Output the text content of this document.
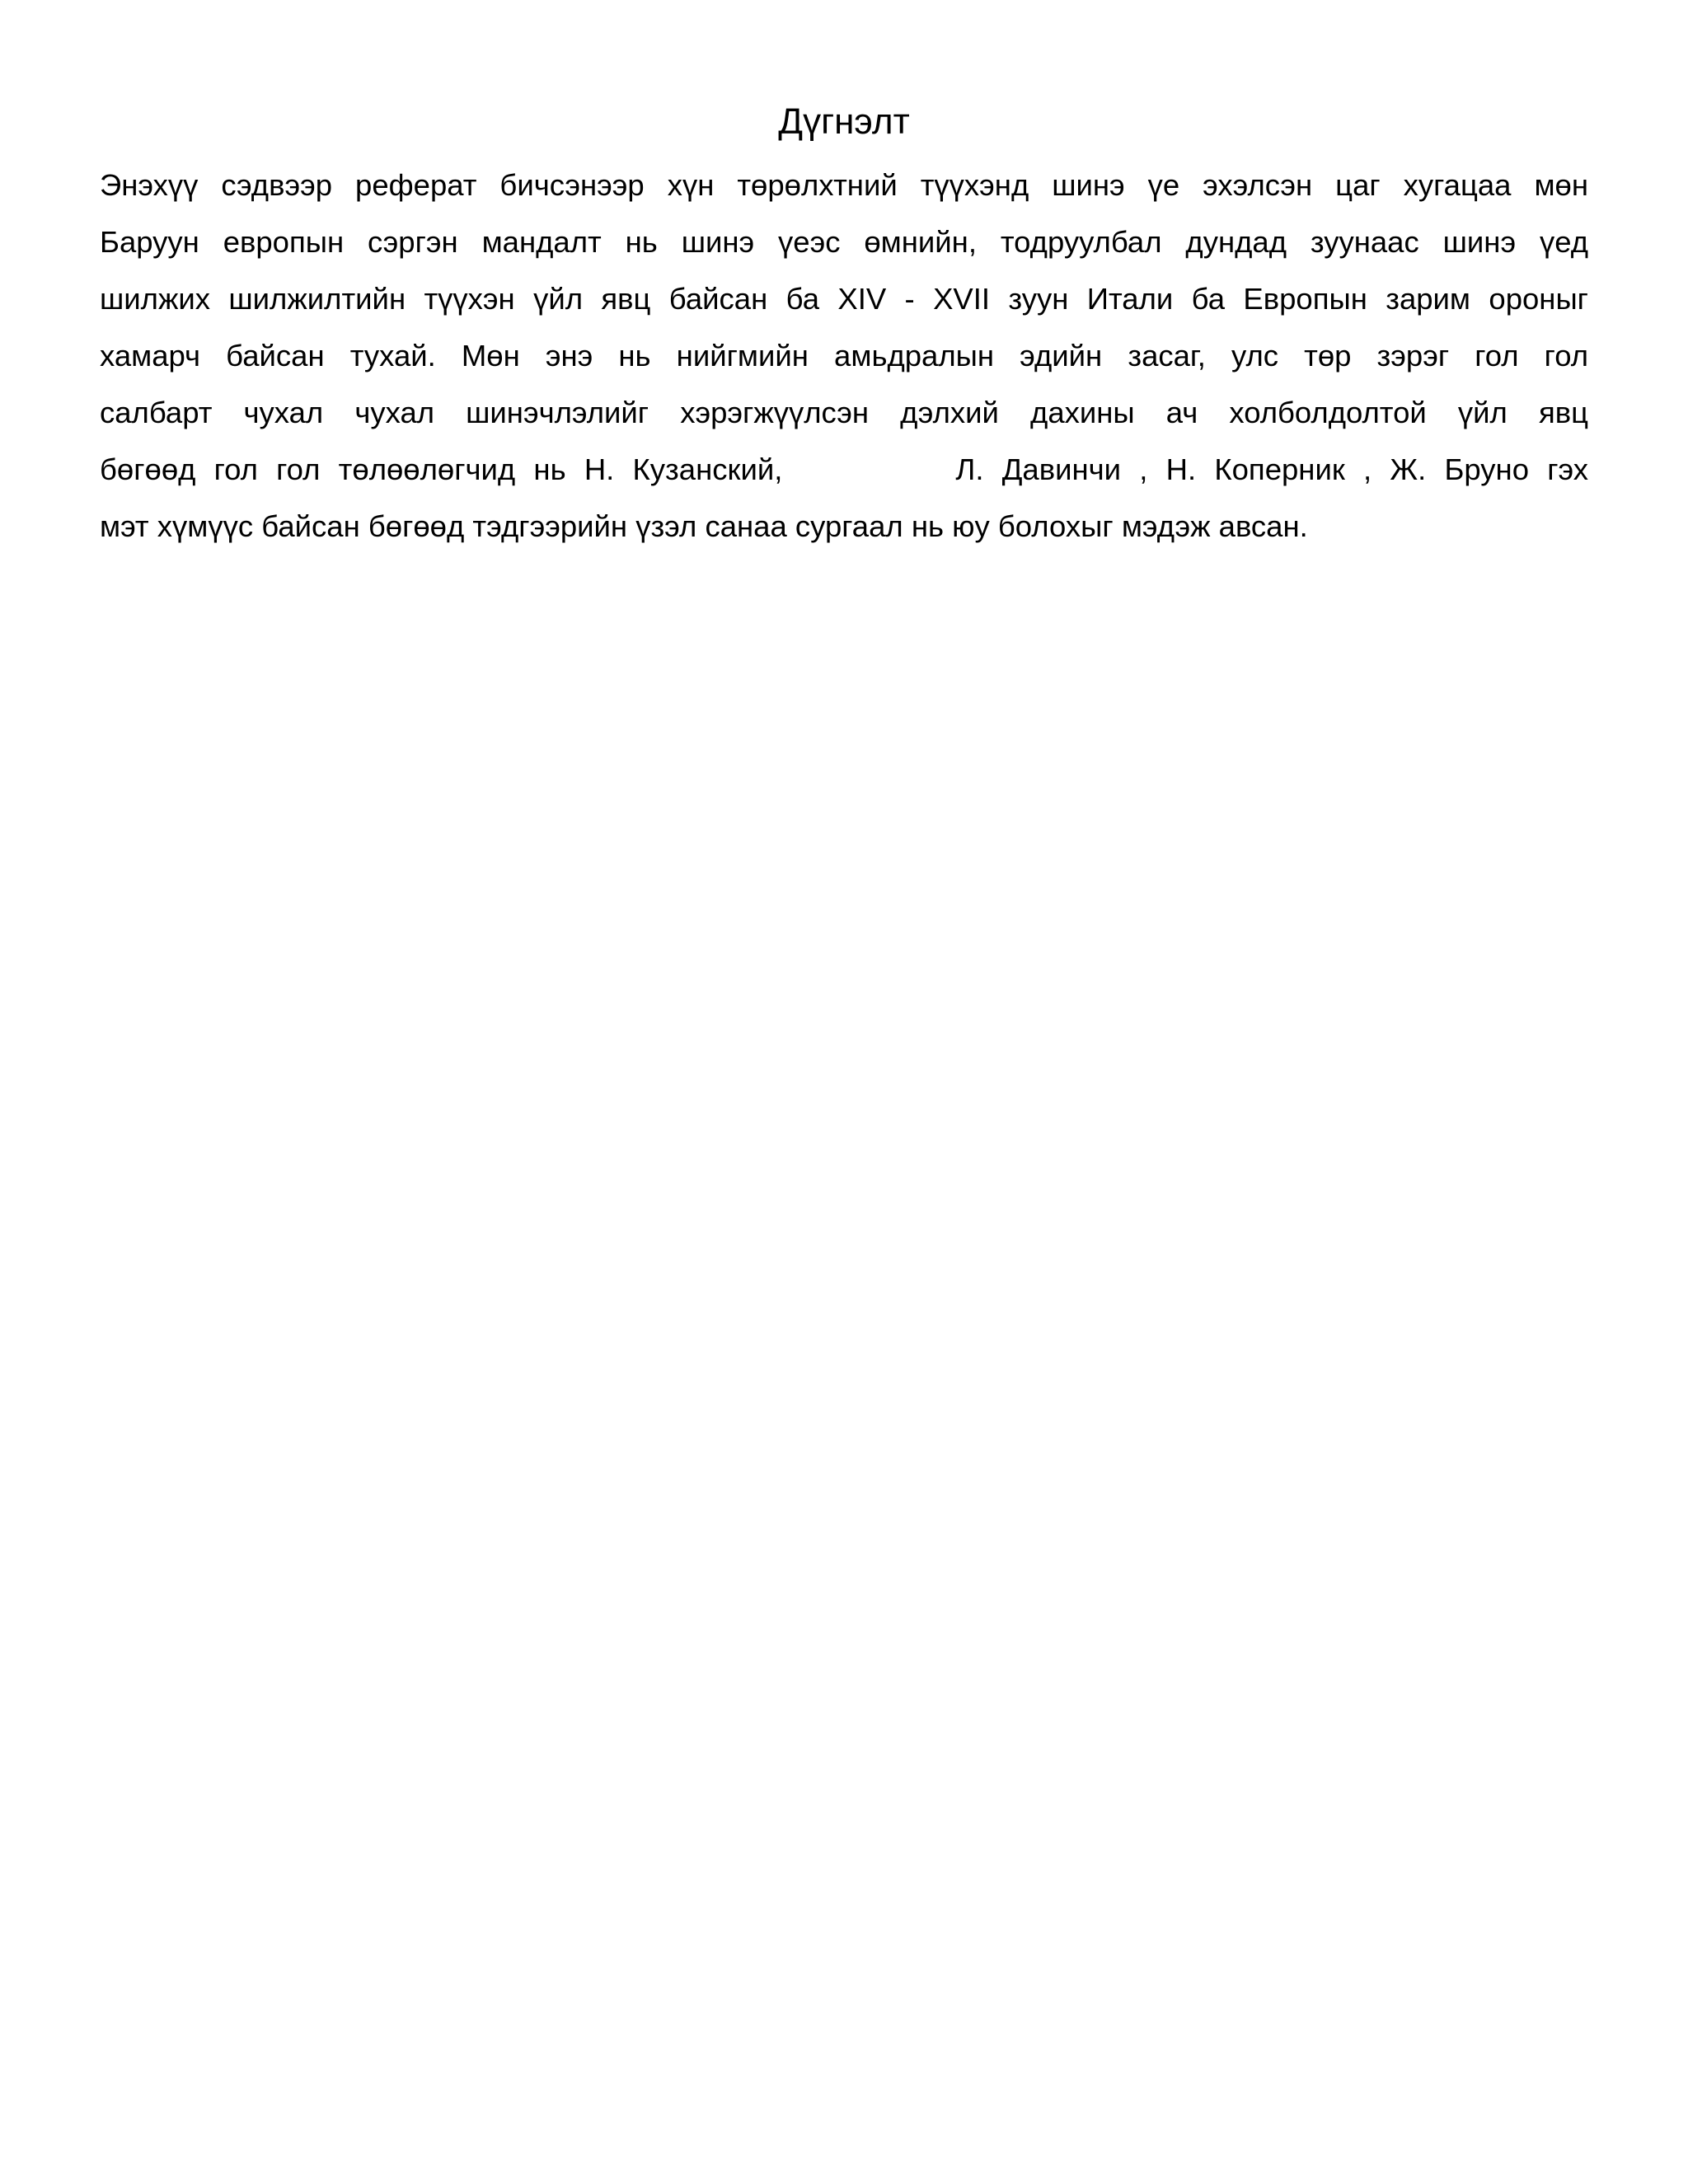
Дүгнэлт
Энэхүү сэдвээр реферат бичсэнээр хүн төрөлхтний түүхэнд шинэ үе эхэлсэн цаг хугацаа мөн
Баруун европын сэргэн мандалт нь шинэ үеэс өмнийн, тодруулбал дундад зуунаас шинэ үед
шилжих шилжилтийн түүхэн үйл явц байсан ба XIV - XVII зуун Итали ба Европын зарим ороныг
хамарч байсан тухай. Мөн энэ нь нийгмийн амьдралын эдийн засаг, улс төр зэрэг гол гол
салбарт чухал чухал шинэчлэлийг хэрэгжүүлсэн дэлхий дахины ач холболдолтой үйл явц
бөгөөд гол гол төлөөлөгчид нь Н. Кузанский,	Л. Давинчи , Н. Коперник , Ж. Бруно гэх
мэт хүмүүс байсан бөгөөд тэдгээрийн үзэл санаа сургаал нь юу болохыг мэдэж авсан.
